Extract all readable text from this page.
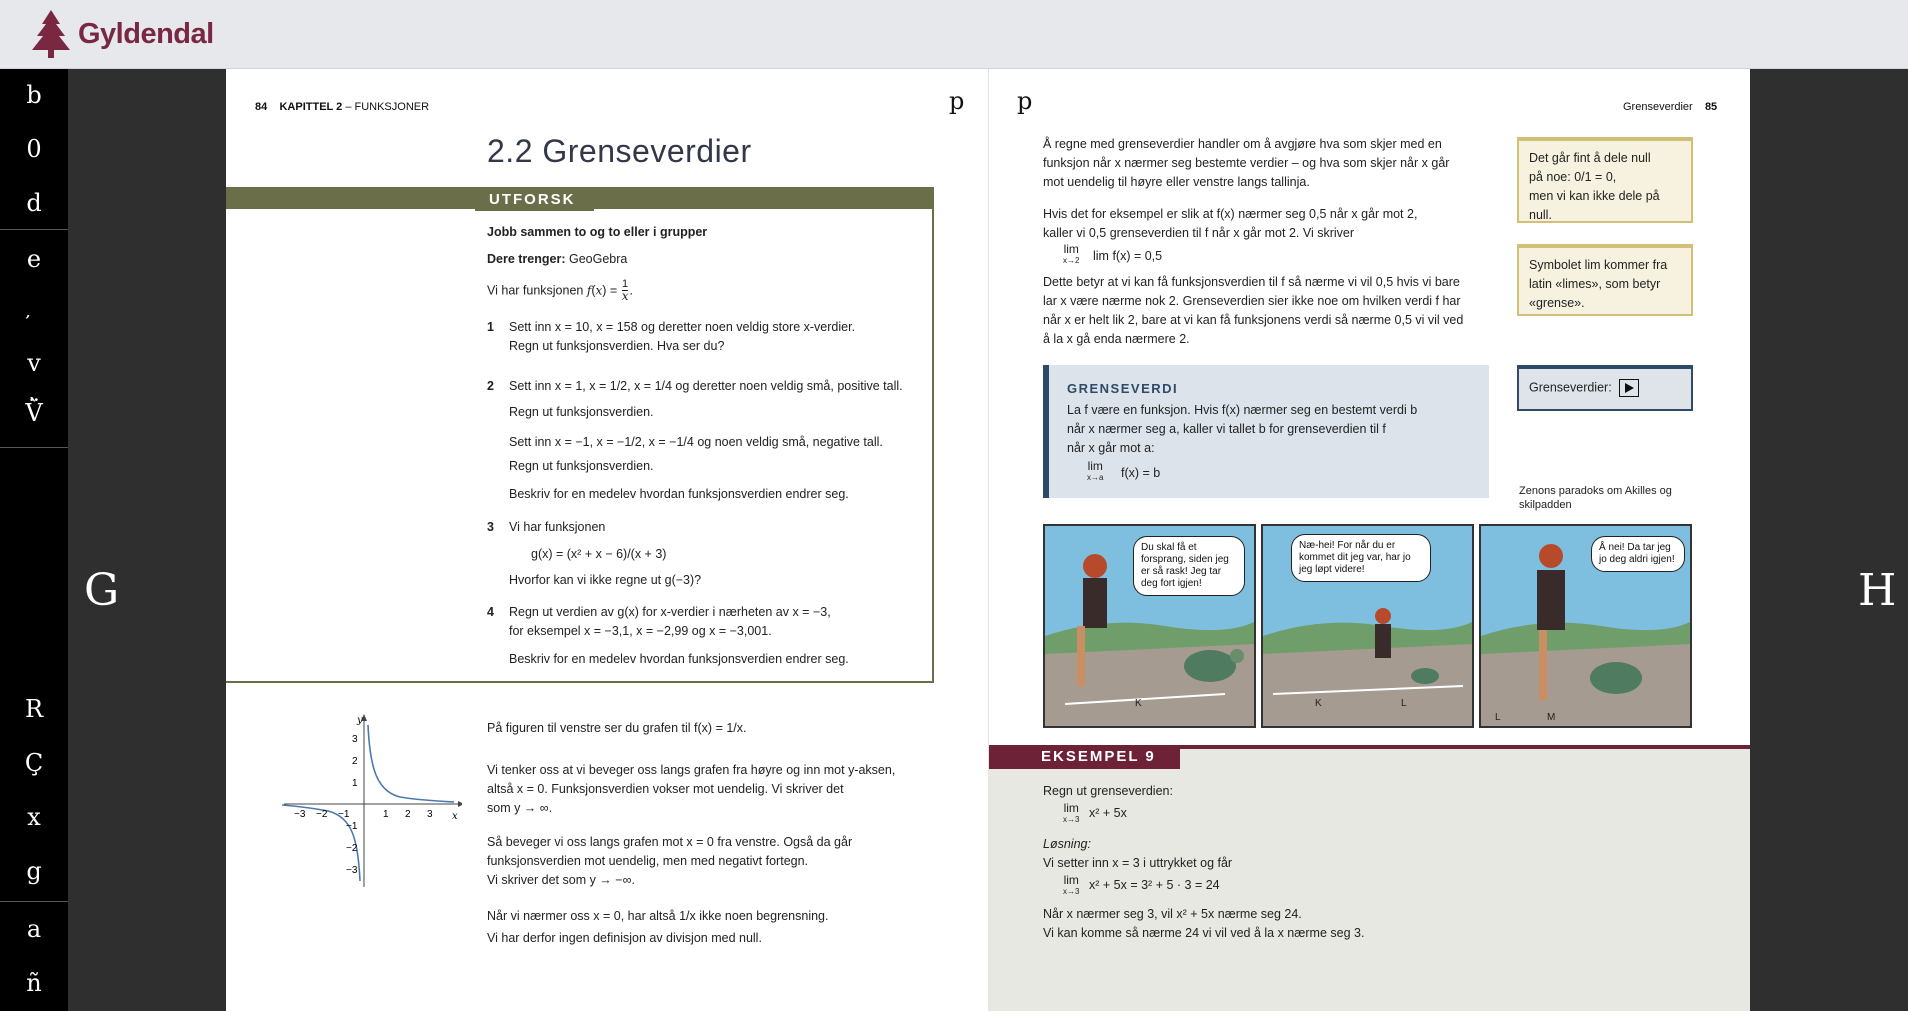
Gyldendal
b
0
d
e
v
V̈̀
R
Ç
x
g
a
ñ
G	H
84 KAPITTEL 2 – FUNKSJONER	p
2.2 Grenseverdier
UTFORSK
Jobb sammen to og to eller i grupper
Dere trenger: GeoGebra
Vi har funksjonen $f(x) = \frac{1}{x}$ .
1 Sett inn x = 10, x = 158 og deretter noen veldig store x-verdier.
Regn ut funksjonsverdien. Hva ser du?
2 Sett inn x = 1, x = 1/2, x = 1/4 og deretter noen veldig små, positive tall.
Regn ut funksjonsverdien.
Sett inn x = −1, x = −1/2, x = −1/4 og noen veldig små, negative tall.
Regn ut funksjonsverdien.
Beskriv for en medelev hvordan funksjonsverdien endrer seg.
3 Vi har funksjonen
g(x) = (x² + x − 6)/(x + 3)
Hvorfor kan vi ikke regne ut g(−3)?
4 Regn ut verdien av g(x) for x-verdier i nærheten av x = −3,
for eksempel x = −3,1, x = −2,99 og x = −3,001.
Beskriv for en medelev hvordan funksjonsverdien endrer seg.
y
x
−3 −2 −1	1 2 3
3
2
1
−1
−2
−3
På figuren til venstre ser du grafen til f(x) = 1/x.
Vi tenker oss at vi beveger oss langs grafen fra høyre og inn mot y-aksen,
altså x = 0. Funksjonsverdien vokser mot uendelig. Vi skriver det
som y → ∞.
Så beveger vi oss langs grafen mot x = 0 fra venstre. Også da går
funksjonsverdien mot uendelig, men med negativt fortegn.
Vi skriver det som y → −∞.
Når vi nærmer oss x = 0, har altså 1/x ikke noen begrensning.
Vi har derfor ingen definisjon av divisjon med null.
p	Grenseverdier 85
Å regne med grenseverdier handler om å avgjøre hva som skjer med en
funksjon når x nærmer seg bestemte verdier – og hva som skjer når x går
mot uendelig til høyre eller venstre langs tallinja.
Hvis det for eksempel er slik at f(x) nærmer seg 0,5 når x går mot 2,
kaller vi 0,5 grenseverdien til f når x går mot 2. Vi skriver
lim
x→2 lim f(x) = 0,5
Dette betyr at vi kan få funksjonsverdien til f så nærme vi vil 0,5 hvis vi bare
lar x være nærme nok 2. Grenseverdien sier ikke noe om hvilken verdi f har
når x er helt lik 2, bare at vi kan få funksjonens verdi så nærme 0,5 vi vil ved
å la x gå enda nærmere 2.
Det går fint å dele null
på noe: 0/1 = 0,
men vi kan ikke dele på null.
Symbolet lim kommer fra
latin «limes», som betyr
«grense».
Grenseverdier:
GRENSEVERDI
La f være en funksjon. Hvis f(x) nærmer seg en bestemt verdi b
når x nærmer seg a, kaller vi tallet b for grenseverdien til f
når x går mot a:
lim
x→a f(x) = b
Zenons paradoks om Akilles og skilpadden
Du skal få et forsprang, siden jeg er så rask! Jeg tar deg fort igjen!
K
Næ-hei! For når du er kommet dit jeg var, har jo jeg løpt videre!
K	L
Å nei! Da tar jeg jo deg aldri igjen!
L	M
EKSEMPEL 9
Regn ut grenseverdien:
lim
x→3 x² + 5x
Løsning:
Vi setter inn x = 3 i uttrykket og får
lim
x→3 x² + 5x = 3² + 5 · 3 = 24
Når x nærmer seg 3, vil x² + 5x nærme seg 24.
Vi kan komme så nærme 24 vi vil ved å la x nærme seg 3.
